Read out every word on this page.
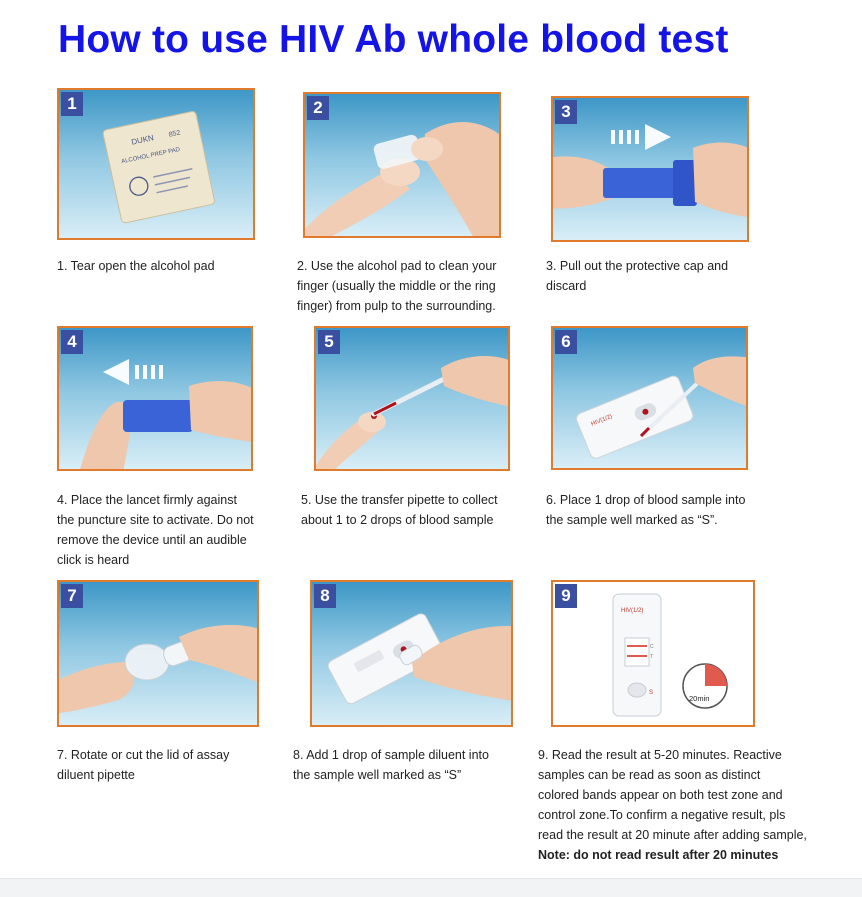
How to use HIV Ab whole blood test
DUKN 852
ALCOHOL PREP PAD
1	2	3
1. Tear open the alcohol pad	2. Use the alcohol pad to clean your
finger (usually the middle or the ring
finger) from pulp to the surrounding.
3. Pull out the protective cap and
discard
4	5
HIV(1/2)
6
4. Place the lancet firmly against
the puncture site to activate. Do not
remove the device until an audible
click is heard
5. Use the transfer pipette to collect
about 1 to 2 drops of blood sample
6. Place 1 drop of blood sample into
the sample well marked as “S”.
7	8
HIV(1/2)
C
T
S
20min
9
7. Rotate or cut the lid of assay
diluent pipette
8. Add 1 drop of sample diluent into
the sample well marked as “S”
9. Read the result at 5-20 minutes. Reactive
samples can be read as soon as distinct
colored bands appear on both test zone and
control zone.To confirm a negative result, pls
read the result at 20 minute after adding sample,
Note: do not read result after 20 minutes
